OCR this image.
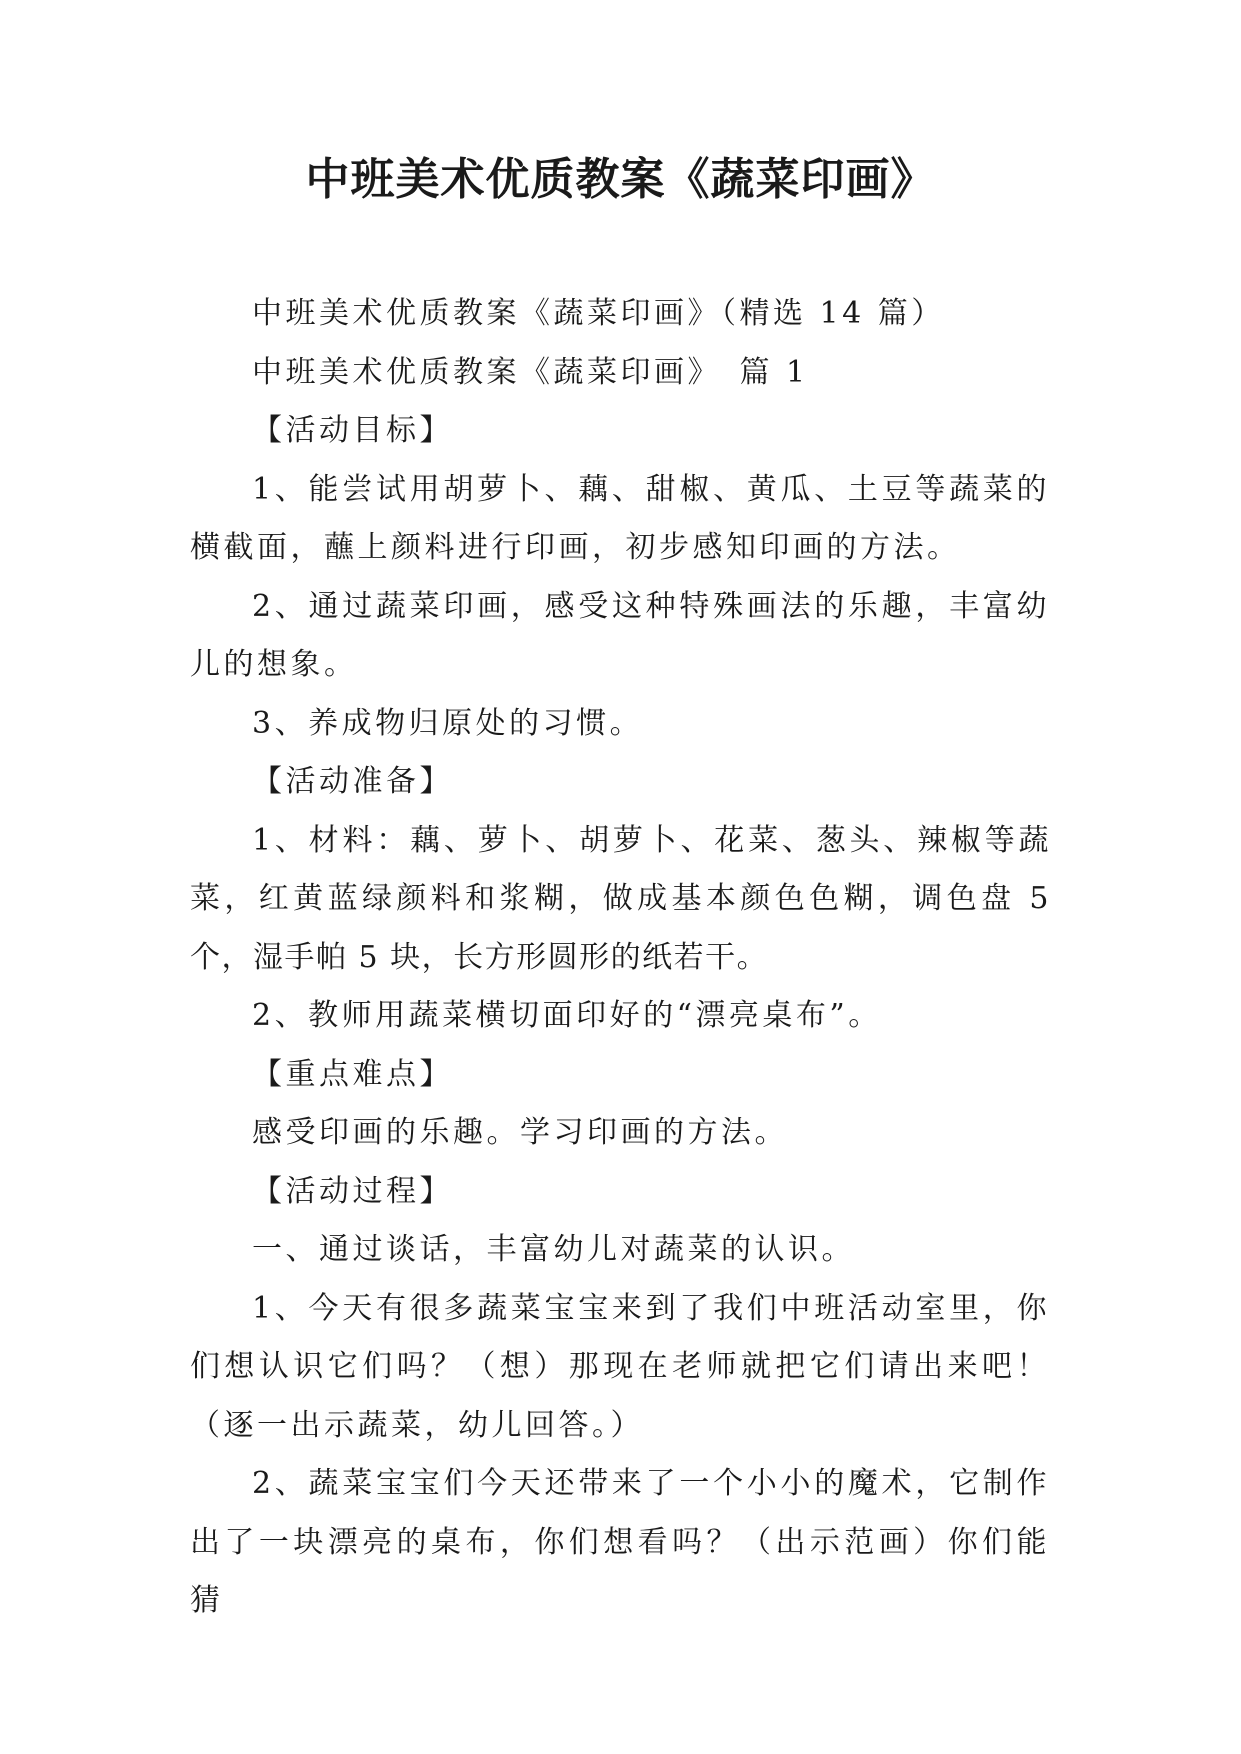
中班美术优质教案《蔬菜印画》

中班美术优质教案《蔬菜印画》（精选 14 篇）

中班美术优质教案《蔬菜印画》　篇 1

【活动目标】

1、能尝试用胡萝卜、藕、甜椒、黄瓜、土豆等蔬菜的横截面，蘸上颜料进行印画，初步感知印画的方法。

2、通过蔬菜印画，感受这种特殊画法的乐趣，丰富幼儿的想象。

3、养成物归原处的习惯。

【活动准备】

1、材料：藕、萝卜、胡萝卜、花菜、葱头、辣椒等蔬菜，红黄蓝绿颜料和浆糊，做成基本颜色色糊，调色盘 5 个，湿手帕 5 块，长方形圆形的纸若干。

2、教师用蔬菜横切面印好的“漂亮桌布”。

【重点难点】

感受印画的乐趣。学习印画的方法。

【活动过程】

一、通过谈话，丰富幼儿对蔬菜的认识。

1、今天有很多蔬菜宝宝来到了我们中班活动室里，你们想认识它们吗？（想）那现在老师就把它们请出来吧！（逐一出示蔬菜，幼儿回答。）

2、蔬菜宝宝们今天还带来了一个小小的魔术，它制作出了一块漂亮的桌布，你们想看吗？（出示范画）你们能猜
